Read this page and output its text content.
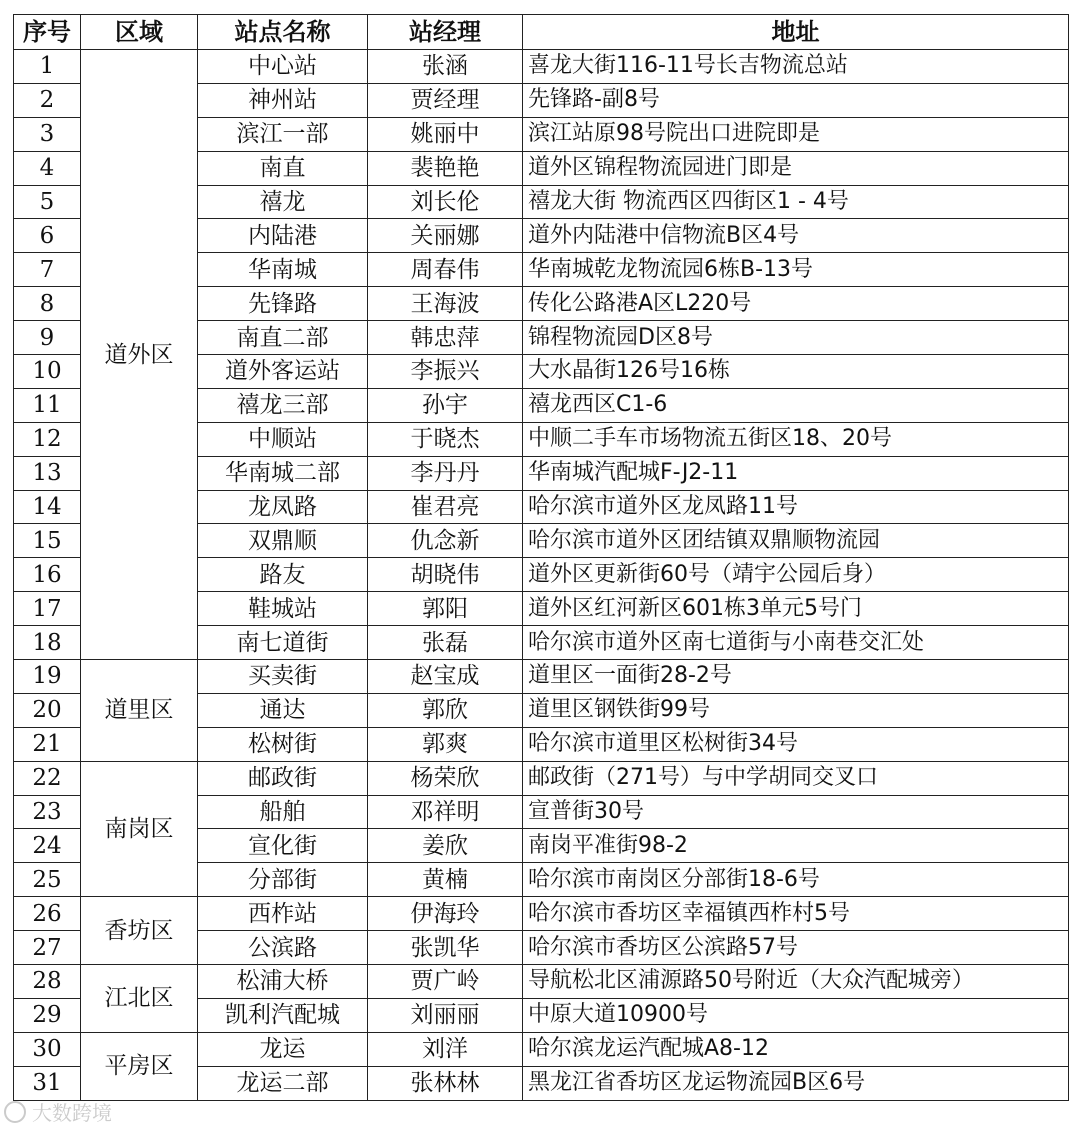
序号	区域	站点名称	站经理	地址
1	道外区	中心站	张涵	喜龙大街116-11号长吉物流总站
2		神州站	贾经理	先锋路-副8号
3		滨江一部	姚丽中	滨江站原98号院出口进院即是
4		南直	裴艳艳	道外区锦程物流园进门即是
5		禧龙	刘长伦	禧龙大街 物流西区四街区1 - 4号
6		内陆港	关丽娜	道外内陆港中信物流B区4号
7		华南城	周春伟	华南城乾龙物流园6栋B-13号
8		先锋路	王海波	传化公路港A区L220号
9		南直二部	韩忠萍	锦程物流园D区8号
10		道外客运站	李振兴	大水晶街126号16栋
11		禧龙三部	孙宇	禧龙西区C1-6
12		中顺站	于晓杰	中顺二手车市场物流五街区18、20号
13		华南城二部	李丹丹	华南城汽配城F-J2-11
14		龙凤路	崔君亮	哈尔滨市道外区龙凤路11号
15		双鼎顺	仇念新	哈尔滨市道外区团结镇双鼎顺物流园
16		路友	胡晓伟	道外区更新街60号（靖宇公园后身）
17		鞋城站	郭阳	道外区红河新区601栋3单元5号门
18		南七道街	张磊	哈尔滨市道外区南七道街与小南巷交汇处
19	道里区	买卖街	赵宝成	道里区一面街28-2号
20		通达	郭欣	道里区钢铁街99号
21		松树街	郭爽	哈尔滨市道里区松树街34号
22	南岗区	邮政街	杨荣欣	邮政街（271号）与中学胡同交叉口
23		船舶	邓祥明	宣普街30号
24		宣化街	姜欣	南岗平准街98-2
25		分部街	黄楠	哈尔滨市南岗区分部街18-6号
26	香坊区	西柞站	伊海玲	哈尔滨市香坊区幸福镇西柞村5号
27		公滨路	张凯华	哈尔滨市香坊区公滨路57号
28	江北区	松浦大桥	贾广岭	导航松北区浦源路50号附近（大众汽配城旁）
29		凯利汽配城	刘丽丽	中原大道10900号
30	平房区	龙运	刘洋	哈尔滨龙运汽配城A8-12
31		龙运二部	张林林	黑龙江省香坊区龙运物流园B区6号
大数跨境
